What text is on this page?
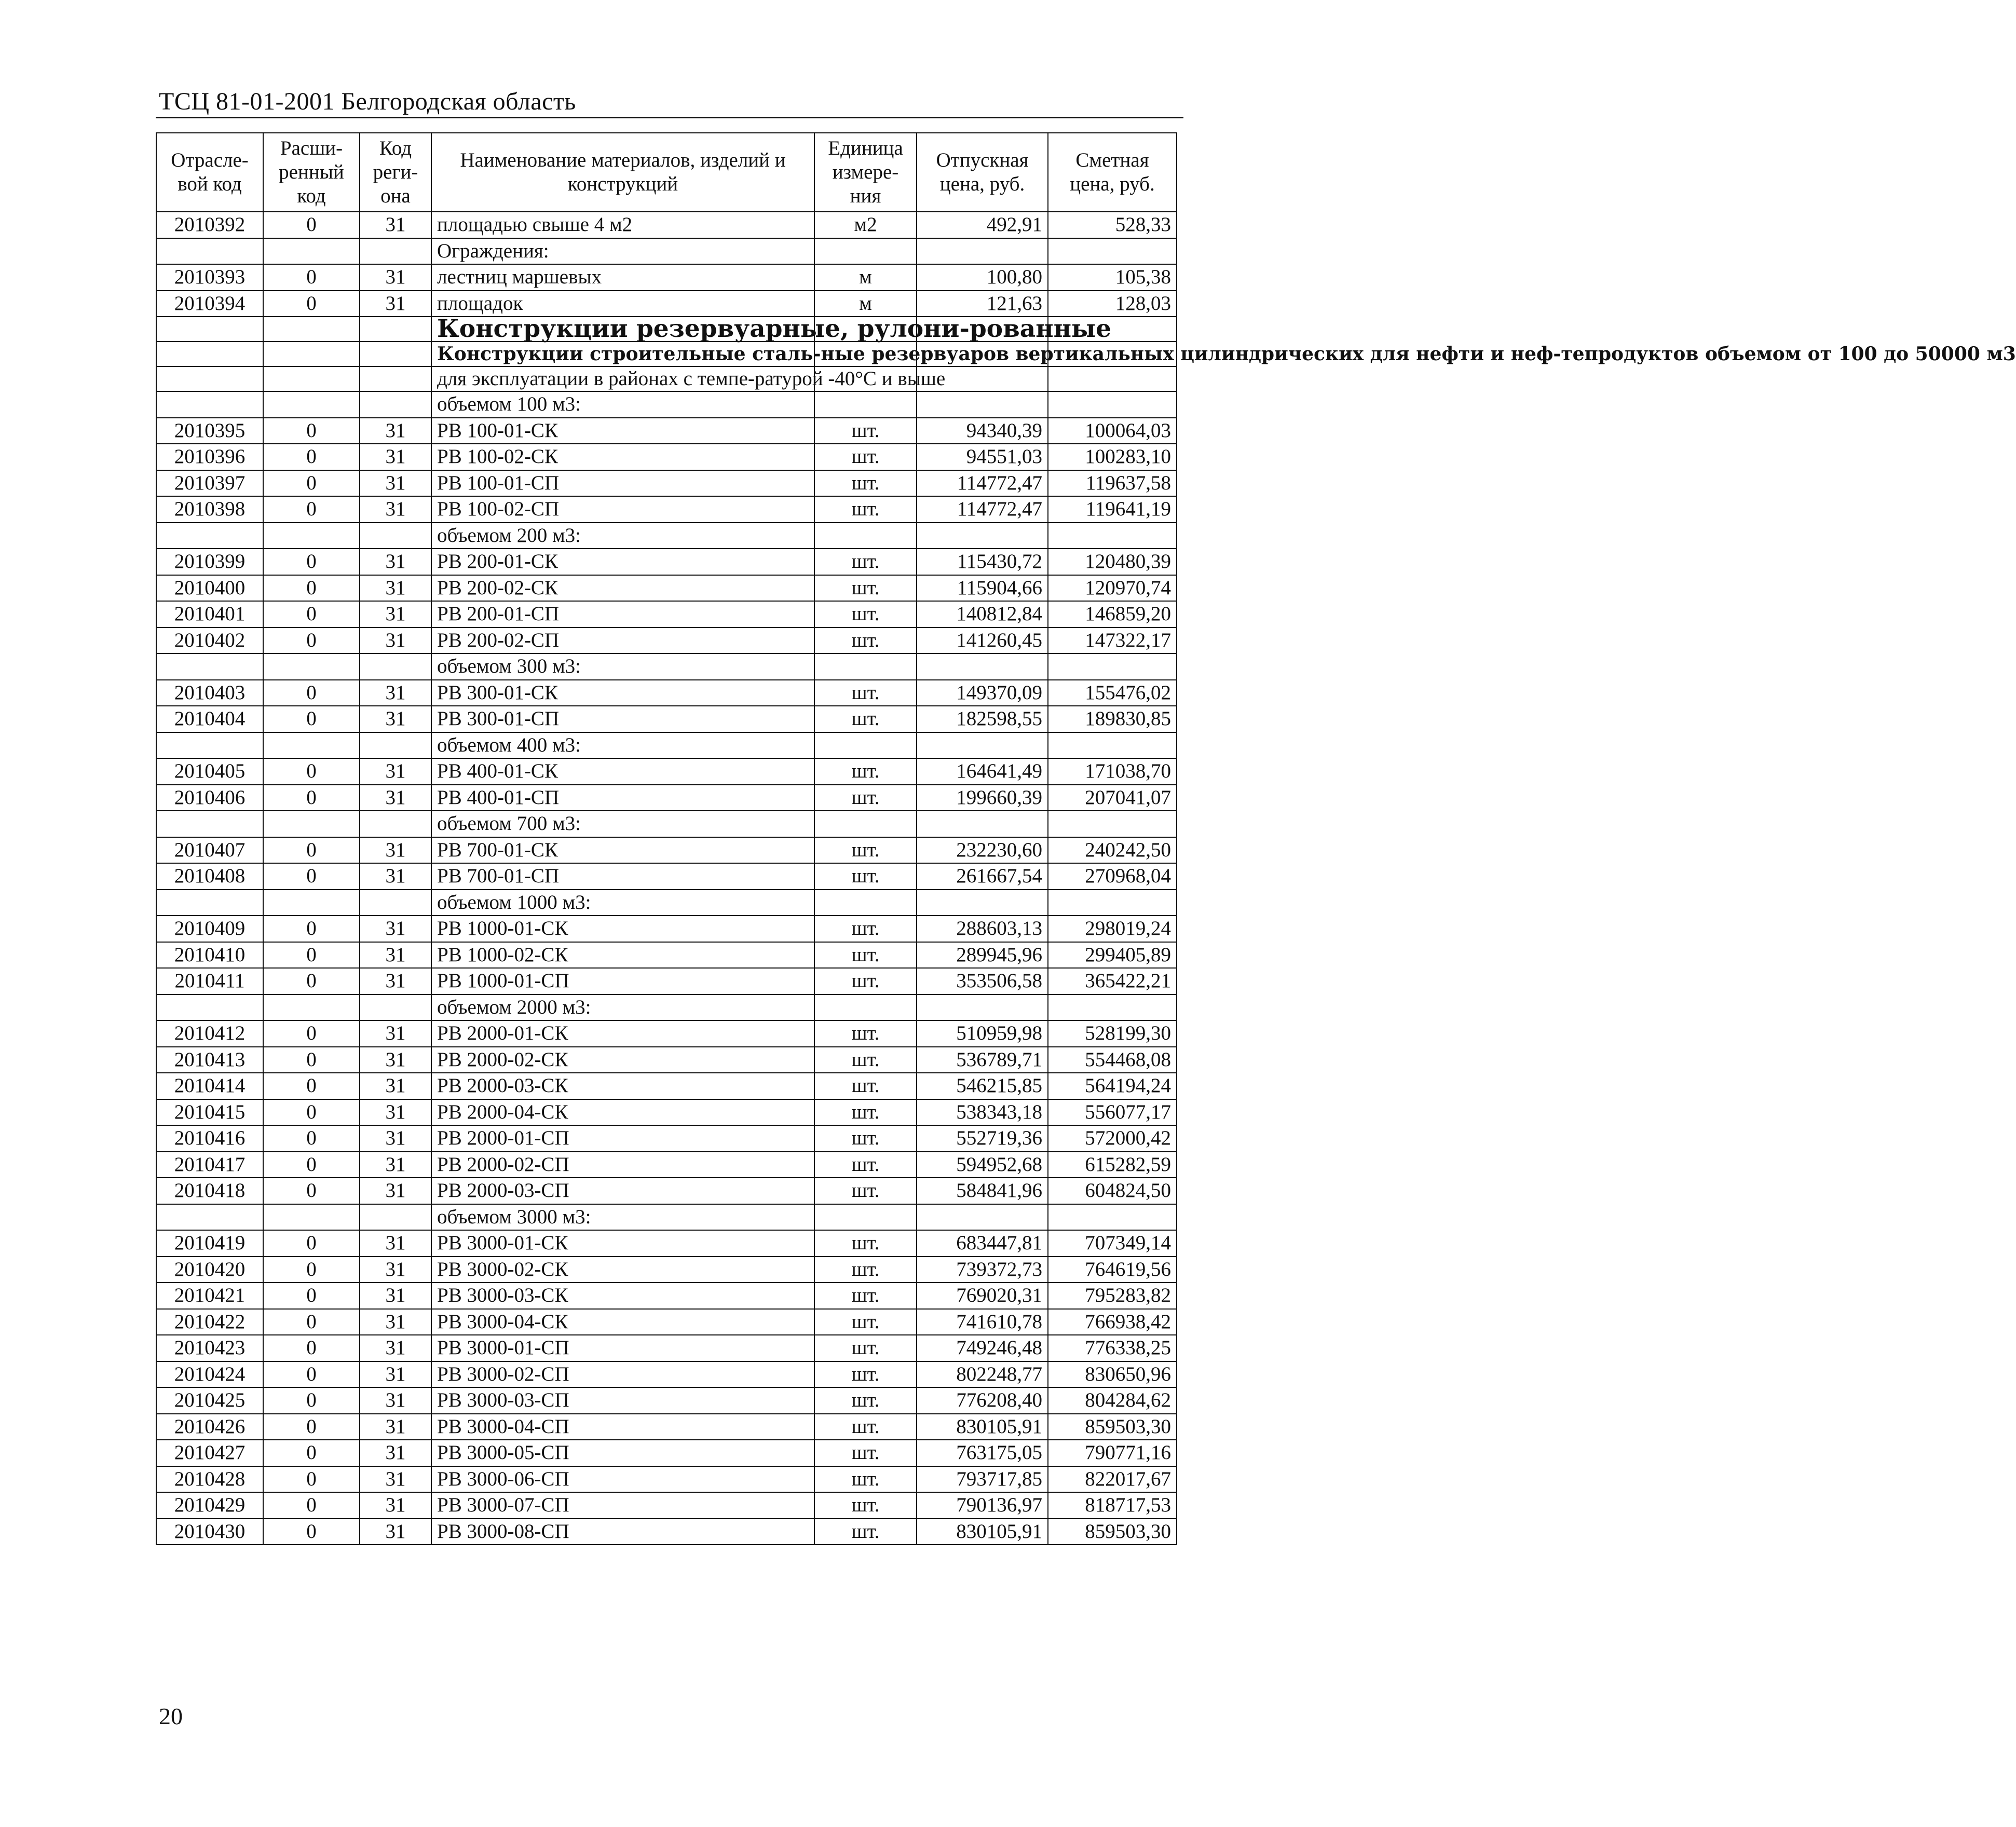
ТСЦ 81-01-2001 Белгородская область
Отрасле-вой код	Расши-ренный код	Код реги-она	Наименование материалов, изделий и конструкций	Единица измере-ния	Отпускная цена, руб.	Сметная цена, руб.
2010392	0	31	площадью свыше 4 м2	м2	492,91	528,33
			Ограждения:			
2010393	0	31	лестниц маршевых	м	100,80	105,38
2010394	0	31	площадок	м	121,63	128,03
			Конструкции резервуарные, рулони-рованные			
			Конструкции строительные сталь-ные резервуаров вертикальных цилиндрических для нефти и неф-тепродуктов объемом от 100 до 50000 м3			
			для эксплуатации в районах с темпе-ратурой -40°С и выше			
			объемом 100 м3:			
2010395	0	31	РВ 100-01-СК	шт.	94340,39	100064,03
2010396	0	31	РВ 100-02-СК	шт.	94551,03	100283,10
2010397	0	31	РВ 100-01-СП	шт.	114772,47	119637,58
2010398	0	31	РВ 100-02-СП	шт.	114772,47	119641,19
			объемом 200 м3:			
2010399	0	31	РВ 200-01-СК	шт.	115430,72	120480,39
2010400	0	31	РВ 200-02-СК	шт.	115904,66	120970,74
2010401	0	31	РВ 200-01-СП	шт.	140812,84	146859,20
2010402	0	31	РВ 200-02-СП	шт.	141260,45	147322,17
			объемом 300 м3:			
2010403	0	31	РВ 300-01-СК	шт.	149370,09	155476,02
2010404	0	31	РВ 300-01-СП	шт.	182598,55	189830,85
			объемом 400 м3:			
2010405	0	31	РВ 400-01-СК	шт.	164641,49	171038,70
2010406	0	31	РВ 400-01-СП	шт.	199660,39	207041,07
			объемом 700 м3:			
2010407	0	31	РВ 700-01-СК	шт.	232230,60	240242,50
2010408	0	31	РВ 700-01-СП	шт.	261667,54	270968,04
			объемом 1000 м3:			
2010409	0	31	РВ 1000-01-СК	шт.	288603,13	298019,24
2010410	0	31	РВ 1000-02-СК	шт.	289945,96	299405,89
2010411	0	31	РВ 1000-01-СП	шт.	353506,58	365422,21
			объемом 2000 м3:			
2010412	0	31	РВ 2000-01-СК	шт.	510959,98	528199,30
2010413	0	31	РВ 2000-02-СК	шт.	536789,71	554468,08
2010414	0	31	РВ 2000-03-СК	шт.	546215,85	564194,24
2010415	0	31	РВ 2000-04-СК	шт.	538343,18	556077,17
2010416	0	31	РВ 2000-01-СП	шт.	552719,36	572000,42
2010417	0	31	РВ 2000-02-СП	шт.	594952,68	615282,59
2010418	0	31	РВ 2000-03-СП	шт.	584841,96	604824,50
			объемом 3000 м3:			
2010419	0	31	РВ 3000-01-СК	шт.	683447,81	707349,14
2010420	0	31	РВ 3000-02-СК	шт.	739372,73	764619,56
2010421	0	31	РВ 3000-03-СК	шт.	769020,31	795283,82
2010422	0	31	РВ 3000-04-СК	шт.	741610,78	766938,42
2010423	0	31	РВ 3000-01-СП	шт.	749246,48	776338,25
2010424	0	31	РВ 3000-02-СП	шт.	802248,77	830650,96
2010425	0	31	РВ 3000-03-СП	шт.	776208,40	804284,62
2010426	0	31	РВ 3000-04-СП	шт.	830105,91	859503,30
2010427	0	31	РВ 3000-05-СП	шт.	763175,05	790771,16
2010428	0	31	РВ 3000-06-СП	шт.	793717,85	822017,67
2010429	0	31	РВ 3000-07-СП	шт.	790136,97	818717,53
2010430	0	31	РВ 3000-08-СП	шт.	830105,91	859503,30
20
